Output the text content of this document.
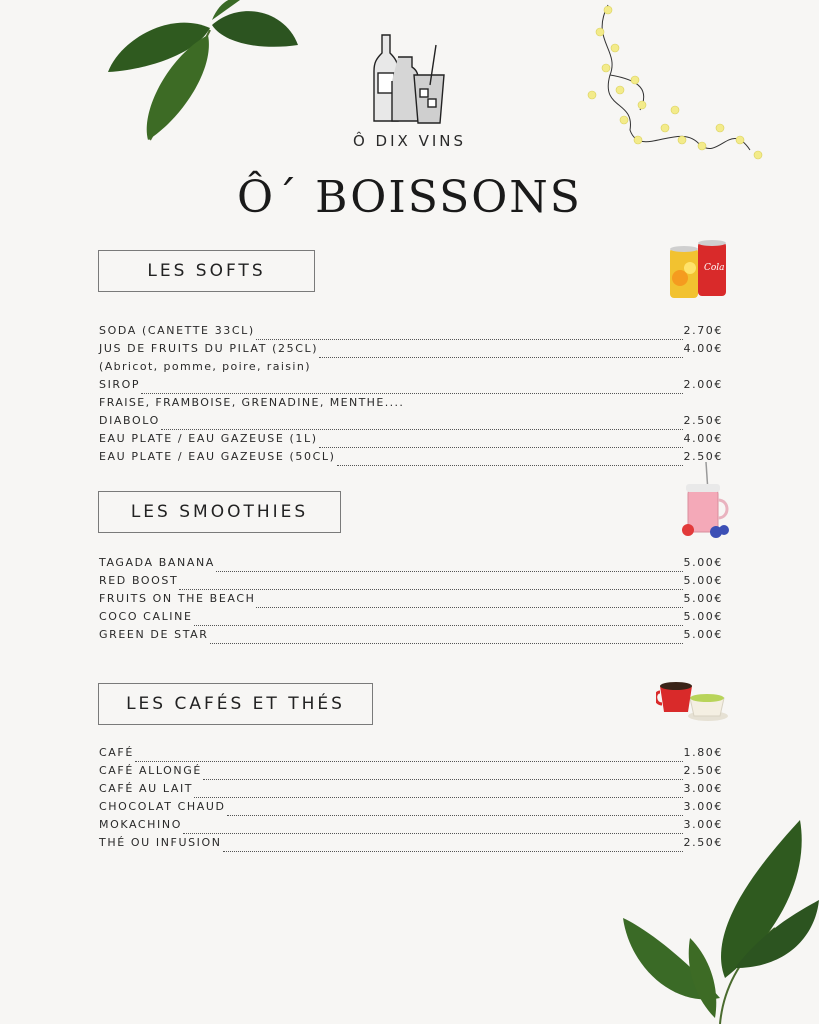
Ô DIX VINS
Ô´ BOISSONS
LES SOFTS	Cola
SODA (CANETTE 33CL)	2.70€
JUS DE FRUITS DU PILAT (25CL)	4.00€
(Abricot, pomme, poire, raisin)
SIROP	2.00€
FRAISE, FRAMBOISE, GRENADINE, MENTHE....
DIABOLO	2.50€
EAU PLATE / EAU GAZEUSE (1L)	4.00€
EAU PLATE / EAU GAZEUSE (50CL)	2.50€
LES SMOOTHIES
TAGADA BANANA	5.00€
RED BOOST	5.00€
FRUITS ON THE BEACH	5.00€
COCO CALINE	5.00€
GREEN DE STAR	5.00€
LES CAFÉS ET THÉS
CAFÉ	1.80€
CAFÉ ALLONGÉ	2.50€
CAFÉ AU LAIT	3.00€
CHOCOLAT CHAUD	3.00€
MOKACHINO	3.00€
THÉ OU INFUSION	2.50€
